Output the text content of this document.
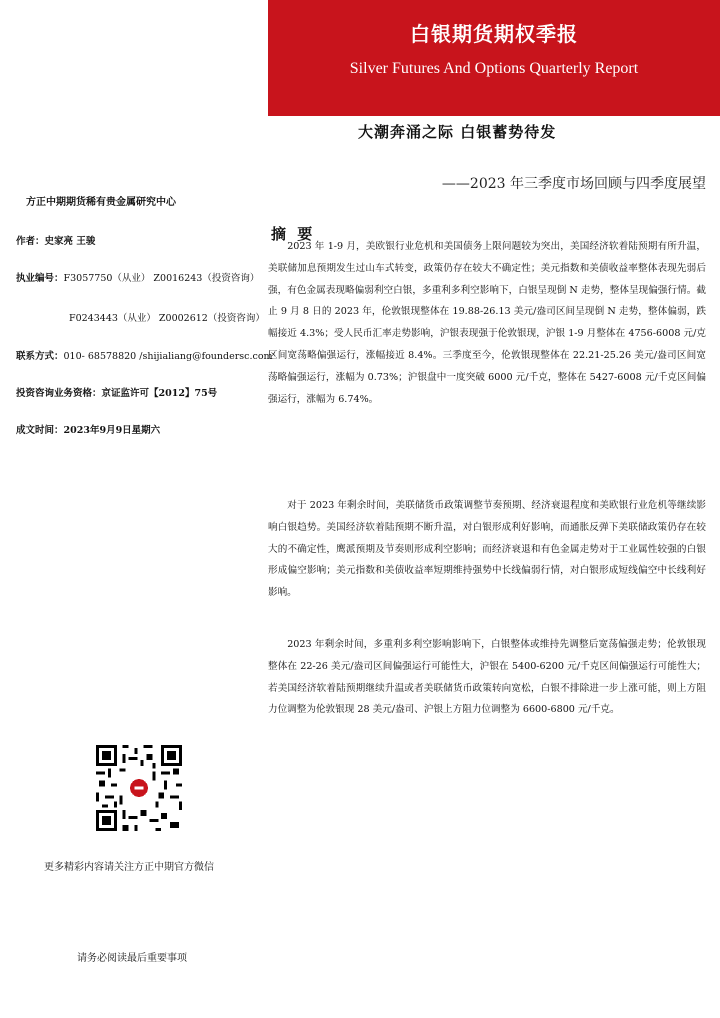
白银期货期权季报
Silver Futures And Options Quarterly Report
大潮奔涌之际 白银蓄势待发
——2023 年三季度市场回顾与四季度展望
方正中期期货稀有贵金属研究中心
作者：史家亮 王骏
执业编号：F3057750（从业） Z0016243（投资咨询）
F0243443（从业） Z0002612（投资咨询）
联系方式：010- 68578820 /shijialiang@foundersc.com
投资咨询业务资格：京证监许可【2012】75号
成文时间：2023年9月9日星期六
更多精彩内容请关注方正中期官方微信
请务必阅读最后重要事项
摘 要

2023 年 1-9 月，美欧银行业危机和美国债务上限问题较为突出，美国经济软着陆预期有所升温，美联储加息预期发生过山车式转变，政策仍存在较大不确定性；美元指数和美债收益率整体表现先弱后强，有色金属表现略偏弱利空白银，多重利多利空影响下，白银呈现倒 N 走势，整体呈现偏强行情。截止 9 月 8 日的 2023 年，伦敦银现整体在 19.88-26.13 美元/盎司区间呈现倒 N 走势，整体偏弱，跌幅接近 4.3%；受人民币汇率走势影响，沪银表现强于伦敦银现，沪银 1-9 月整体在 4756-6008 元/克区间宽荡略偏强运行，涨幅接近 8.4%。三季度至今，伦敦银现整体在 22.21-25.26 美元/盎司区间宽荡略偏强运行，涨幅为 0.73%；沪银盘中一度突破 6000 元/千克，整体在 5427-6008 元/千克区间偏强运行，涨幅为 6.74%。

对于 2023 年剩余时间，美联储货币政策调整节奏预期、经济衰退程度和美欧银行业危机等继续影响白银趋势。美国经济软着陆预期不断升温，对白银形成利好影响，而通胀反弹下美联储政策仍存在较大的不确定性，鹰派预期及节奏则形成利空影响；而经济衰退和有色金属走势对于工业属性较强的白银形成偏空影响；美元指数和美债收益率短期维持强势中长线偏弱行情，对白银形成短线偏空中长线利好影响。

2023 年剩余时间，多重利多利空影响影响下，白银整体或维持先调整后宽荡偏强走势；伦敦银现整体在 22-26 美元/盎司区间偏强运行可能性大，沪银在 5400-6200 元/千克区间偏强运行可能性大；若美国经济软着陆预期继续升温或者美联储货币政策转向宽松，白银不排除进一步上涨可能，则上方阻力位调整为伦敦银现 28 美元/盎司、沪银上方阻力位调整为 6600-6800 元/千克。
